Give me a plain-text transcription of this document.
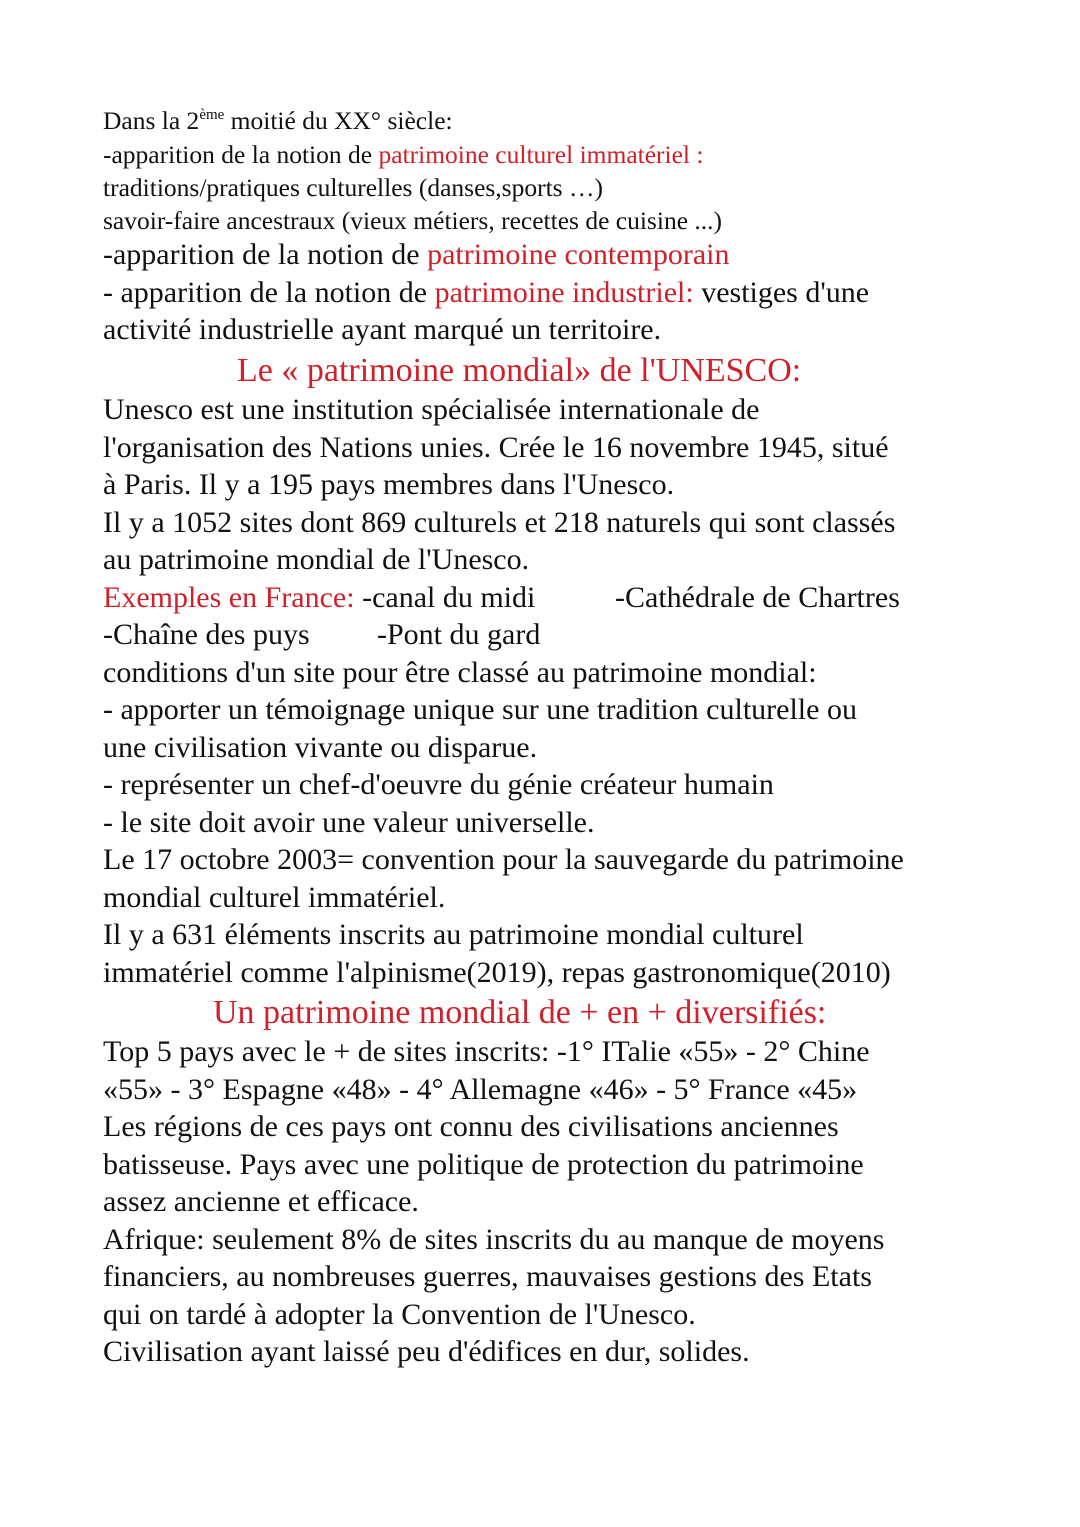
Dans la 2ème moitié du XX° siècle:

-apparition de la notion de patrimoine culturel immatériel :

traditions/pratiques culturelles (danses,sports …)

savoir-faire ancestraux (vieux métiers, recettes de cuisine ...)

-apparition de la notion de patrimoine contemporain

- apparition de la notion de patrimoine industriel: vestiges d'une

activité industrielle ayant marqué un territoire.

Le « patrimoine mondial» de l'UNESCO:

Unesco est une institution spécialisée internationale de

l'organisation des Nations unies. Crée le 16 novembre 1945, situé

à Paris. Il y a 195 pays membres dans l'Unesco.

Il y a 1052 sites dont 869 culturels et 218 naturels qui sont classés

au patrimoine mondial de l'Unesco.

Exemples en France: -canal du midi	-Cathédrale de Chartres

-Chaîne des puys -Pont du gard

conditions d'un site pour être classé au patrimoine mondial:

- apporter un témoignage unique sur une tradition culturelle ou

une civilisation vivante ou disparue.

- représenter un chef-d'oeuvre du génie créateur humain

- le site doit avoir une valeur universelle.

Le 17 octobre 2003= convention pour la sauvegarde du patrimoine

mondial culturel immatériel.

Il y a 631 éléments inscrits au patrimoine mondial culturel

immatériel comme l'alpinisme(2019), repas gastronomique(2010)

Un patrimoine mondial de + en + diversifiés:

Top 5 pays avec le + de sites inscrits: -1° ITalie «55» - 2° Chine

«55» - 3° Espagne «48» - 4° Allemagne «46» - 5° France «45»

Les régions de ces pays ont connu des civilisations anciennes

batisseuse. Pays avec une politique de protection du patrimoine

assez ancienne et efficace.

Afrique: seulement 8% de sites inscrits du au manque de moyens

financiers, au nombreuses guerres, mauvaises gestions des Etats

qui on tardé à adopter la Convention de l'Unesco.

Civilisation ayant laissé peu d'édifices en dur, solides.
